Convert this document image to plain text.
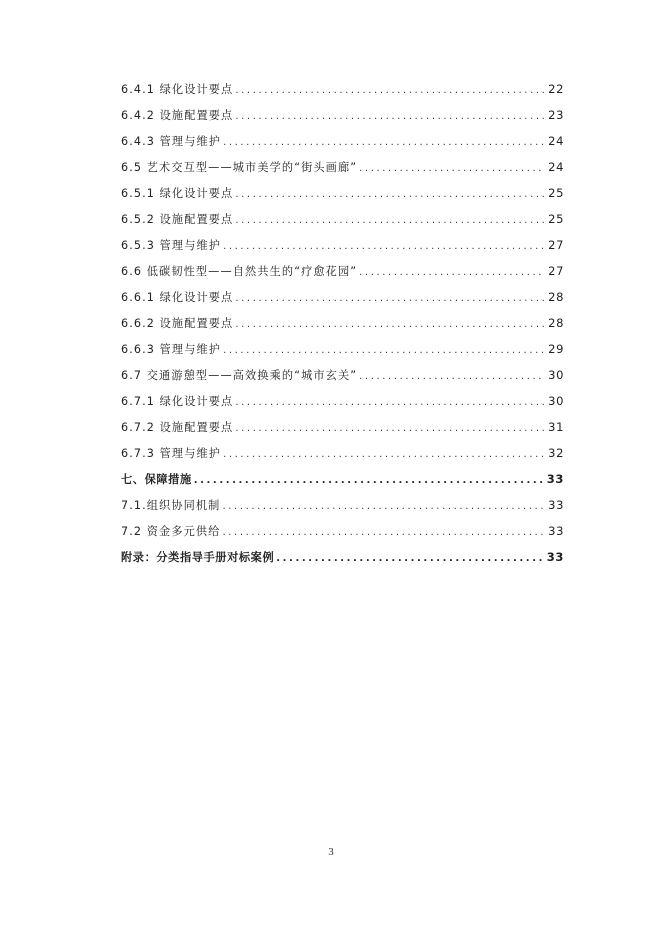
6.4.1 绿化设计要点 .....	22
6.4.2 设施配置要点 .....	23
6.4.3 管理与维护 .....	24
6.5 艺术交互型——城市美学的“街头画廊” .....	24
6.5.1 绿化设计要点 .....	25
6.5.2 设施配置要点 .....	25
6.5.3 管理与维护 .....	27
6.6 低碳韧性型——自然共生的“疗愈花园” .....	27
6.6.1 绿化设计要点 .....	28
6.6.2 设施配置要点 .....	28
6.6.3 管理与维护 .....	29
6.7 交通游憩型——高效换乘的“城市玄关” .....	30
6.7.1 绿化设计要点 .....	30
6.7.2 设施配置要点 .....	31
6.7.3 管理与维护 .....	32
七、保障措施 .....	33
7.1.组织协同机制 .....	33
7.2 资金多元供给 .....	33
附录：分类指导手册对标案例 .....	33
3
